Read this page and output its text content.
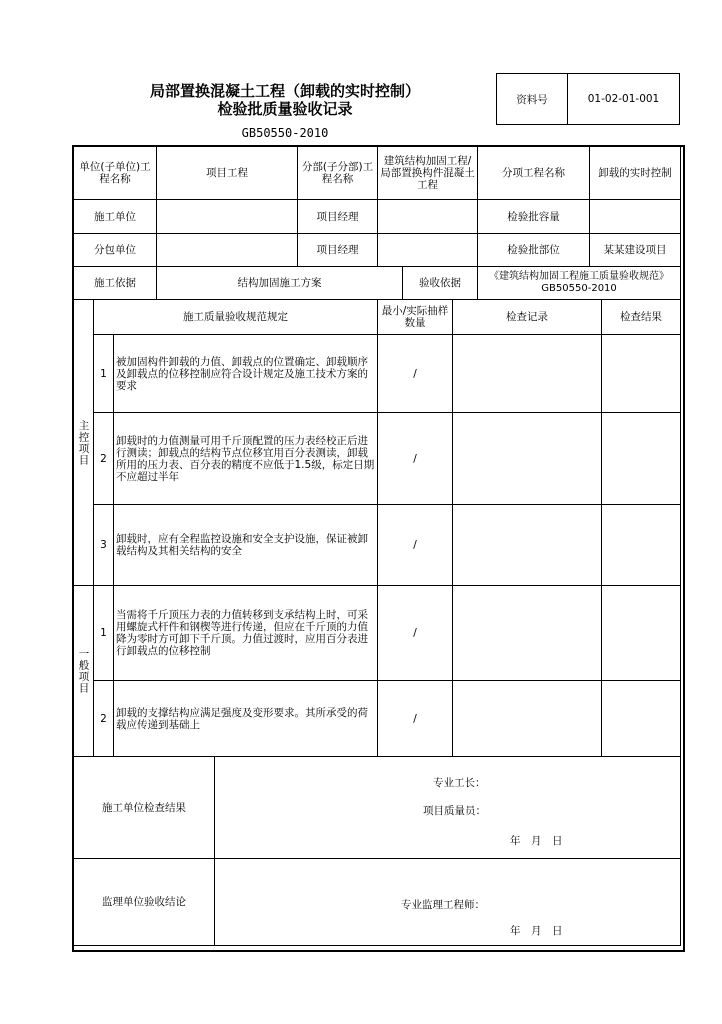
局部置换混凝土工程（卸载的实时控制）
检验批质量验收记录
GB50550-2010
资料号	01-02-01-001
单位(子单位)工程名称			项目工程		分部(子分部)工程名称	建筑结构加固工程/局部置换构件混凝土工程			分项工程名称	卸载的实时控制	
施工单位					项目经理				检验批容量		
分包单位					项目经理				检验批部位	某某建设项目	
施工依据			结构加固施工方案				验收依据		《建筑结构加固工程施工质量验收规范》GB50550-2010		
主控项目	施工质量验收规范规定					最小/实际抽样数量		检查记录			检查结果
	1	被加固构件卸载的力值、卸载点的位置确定、卸载顺序及卸载点的位移控制应符合设计规定及施工技术方案的要求				/					
	2	卸载时的力值测量可用千斤顶配置的压力表经校正后进行测读；卸载点的结构节点位移宜用百分表测读，卸载所用的压力表、百分表的精度不应低于1.5级，标定日期不应超过半年				/					
	3	卸载时，应有全程监控设施和安全支护设施，保证被卸载结构及其相关结构的安全				/					
一般项目	1	当需将千斤顶压力表的力值转移到支承结构上时，可采用螺旋式杆件和钢楔等进行传递，但应在千斤顶的力值降为零时方可卸下千斤顶。力值过渡时，应用百分表进行卸载点的位移控制				/					
	2	卸载的支撑结构应满足强度及变形要求。其所承受的荷载应传递到基础上				/					
施工单位检查结果				专业工长：
项目质量员：
年　月　日							

监理单位验收结论				专业监理工程师：
年　月　日							
